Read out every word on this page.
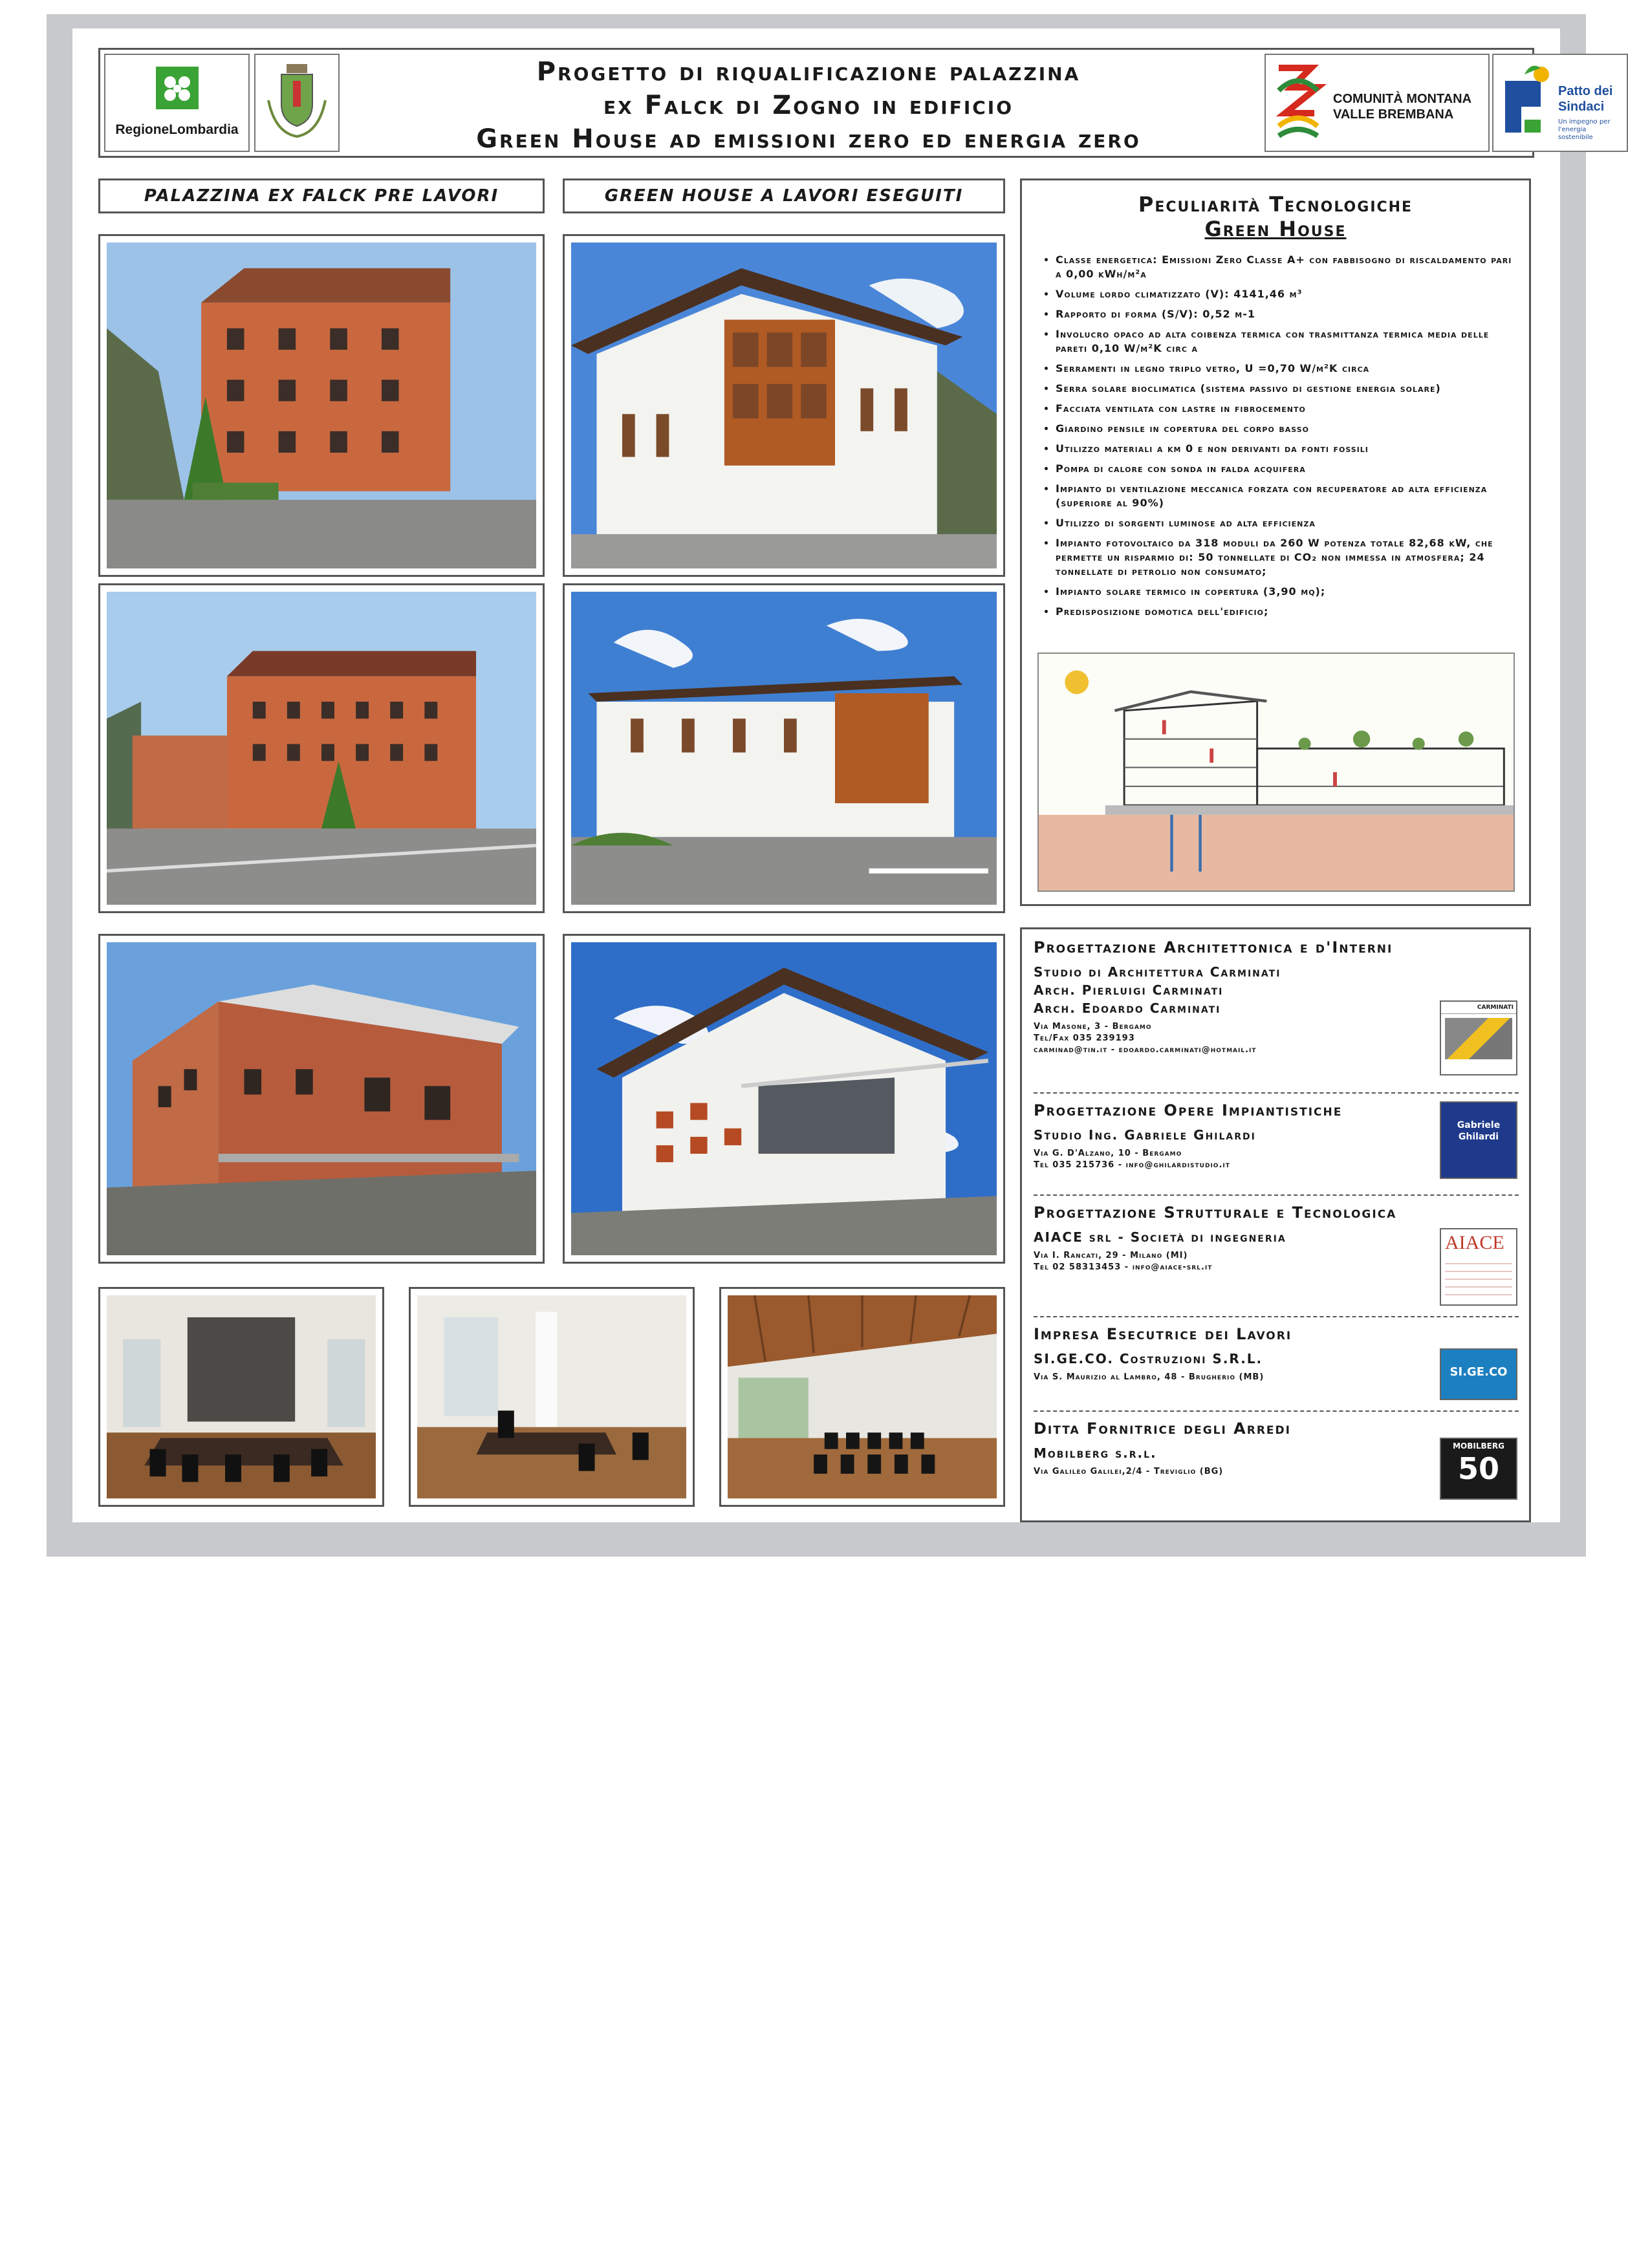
RegioneLombardia
Progetto di riqualificazione palazzina
ex Falck di Zogno in edificio
Green House ad emissioni zero ed energia zero
COMUNITÀ MONTANA
VALLE BREMBANA
Patto dei
Sindaci
Un impegno per l'energia sostenibile
PALAZZINA EX FALCK PRE LAVORI	GREEN HOUSE A LAVORI ESEGUITI	Peculiarità Tecnologiche
Green House
• Classe energetica: Emissioni Zero Classe A+ con fabbisogno di riscaldamento pari a 0,00 kWh/m²a
• Volume lordo climatizzato (V): 4141,46 m³
• Rapporto di forma (S/V): 0,52 m-1
• Involucro opaco ad alta coibenza termica con trasmittanza termica media delle pareti 0,10 W/m²K circ a
• Serramenti in legno triplo vetro, U =0,70 W/m²K circa
• Serra solare bioclimatica (sistema passivo di gestione energia solare)
• Facciata ventilata con lastre in fibrocemento
• Giardino pensile in copertura del corpo basso
• Utilizzo materiali a km 0 e non derivanti da fonti fossili
• Pompa di calore con sonda in falda acquifera
• Impianto di ventilazione meccanica forzata con recuperatore ad alta efficienza (superiore al 90%)
• Utilizzo di sorgenti luminose ad alta efficienza
• Impianto fotovoltaico da 318 moduli da 260 W potenza totale 82,68 kW, che permette un risparmio di: 50 tonnellate di CO₂ non immessa in atmosfera; 24 tonnellate di petrolio non consumato;
• Impianto solare termico in copertura (3,90 mq);
• Predisposizione domotica dell'edificio;
Progettazione Architettonica e d'Interni
Studio di Architettura Carminati
Arch. Pierluigi Carminati
Arch. Edoardo Carminati
Via Masone, 3 - Bergamo
Tel/Fax 035 239193
carminad@tin.it - edoardo.carminati@hotmail.it
CARMINATI
Progettazione Opere Impiantistiche
Studio Ing. Gabriele Ghilardi
Via G. D'Alzano, 10 - Bergamo
Tel 035 215736 - info@ghilardistudio.it
Gabriele Ghilardi
Progettazione Strutturale e Tecnologica
AIACE srl - Società di ingegneria
Via I. Rancati, 29 - Milano (MI)
Tel 02 58313453 - info@aiace-srl.it
AIACE
Impresa Esecutrice dei Lavori
SI.GE.CO. Costruzioni S.R.L.
Via S. Maurizio al Lambro, 48 - Brugherio (MB)	SI.GE.CO
Ditta Fornitrice degli Arredi
Mobilberg s.r.l.
Via Galileo Galilei,2/4 - Treviglio (BG)
MOBILBERG
50
